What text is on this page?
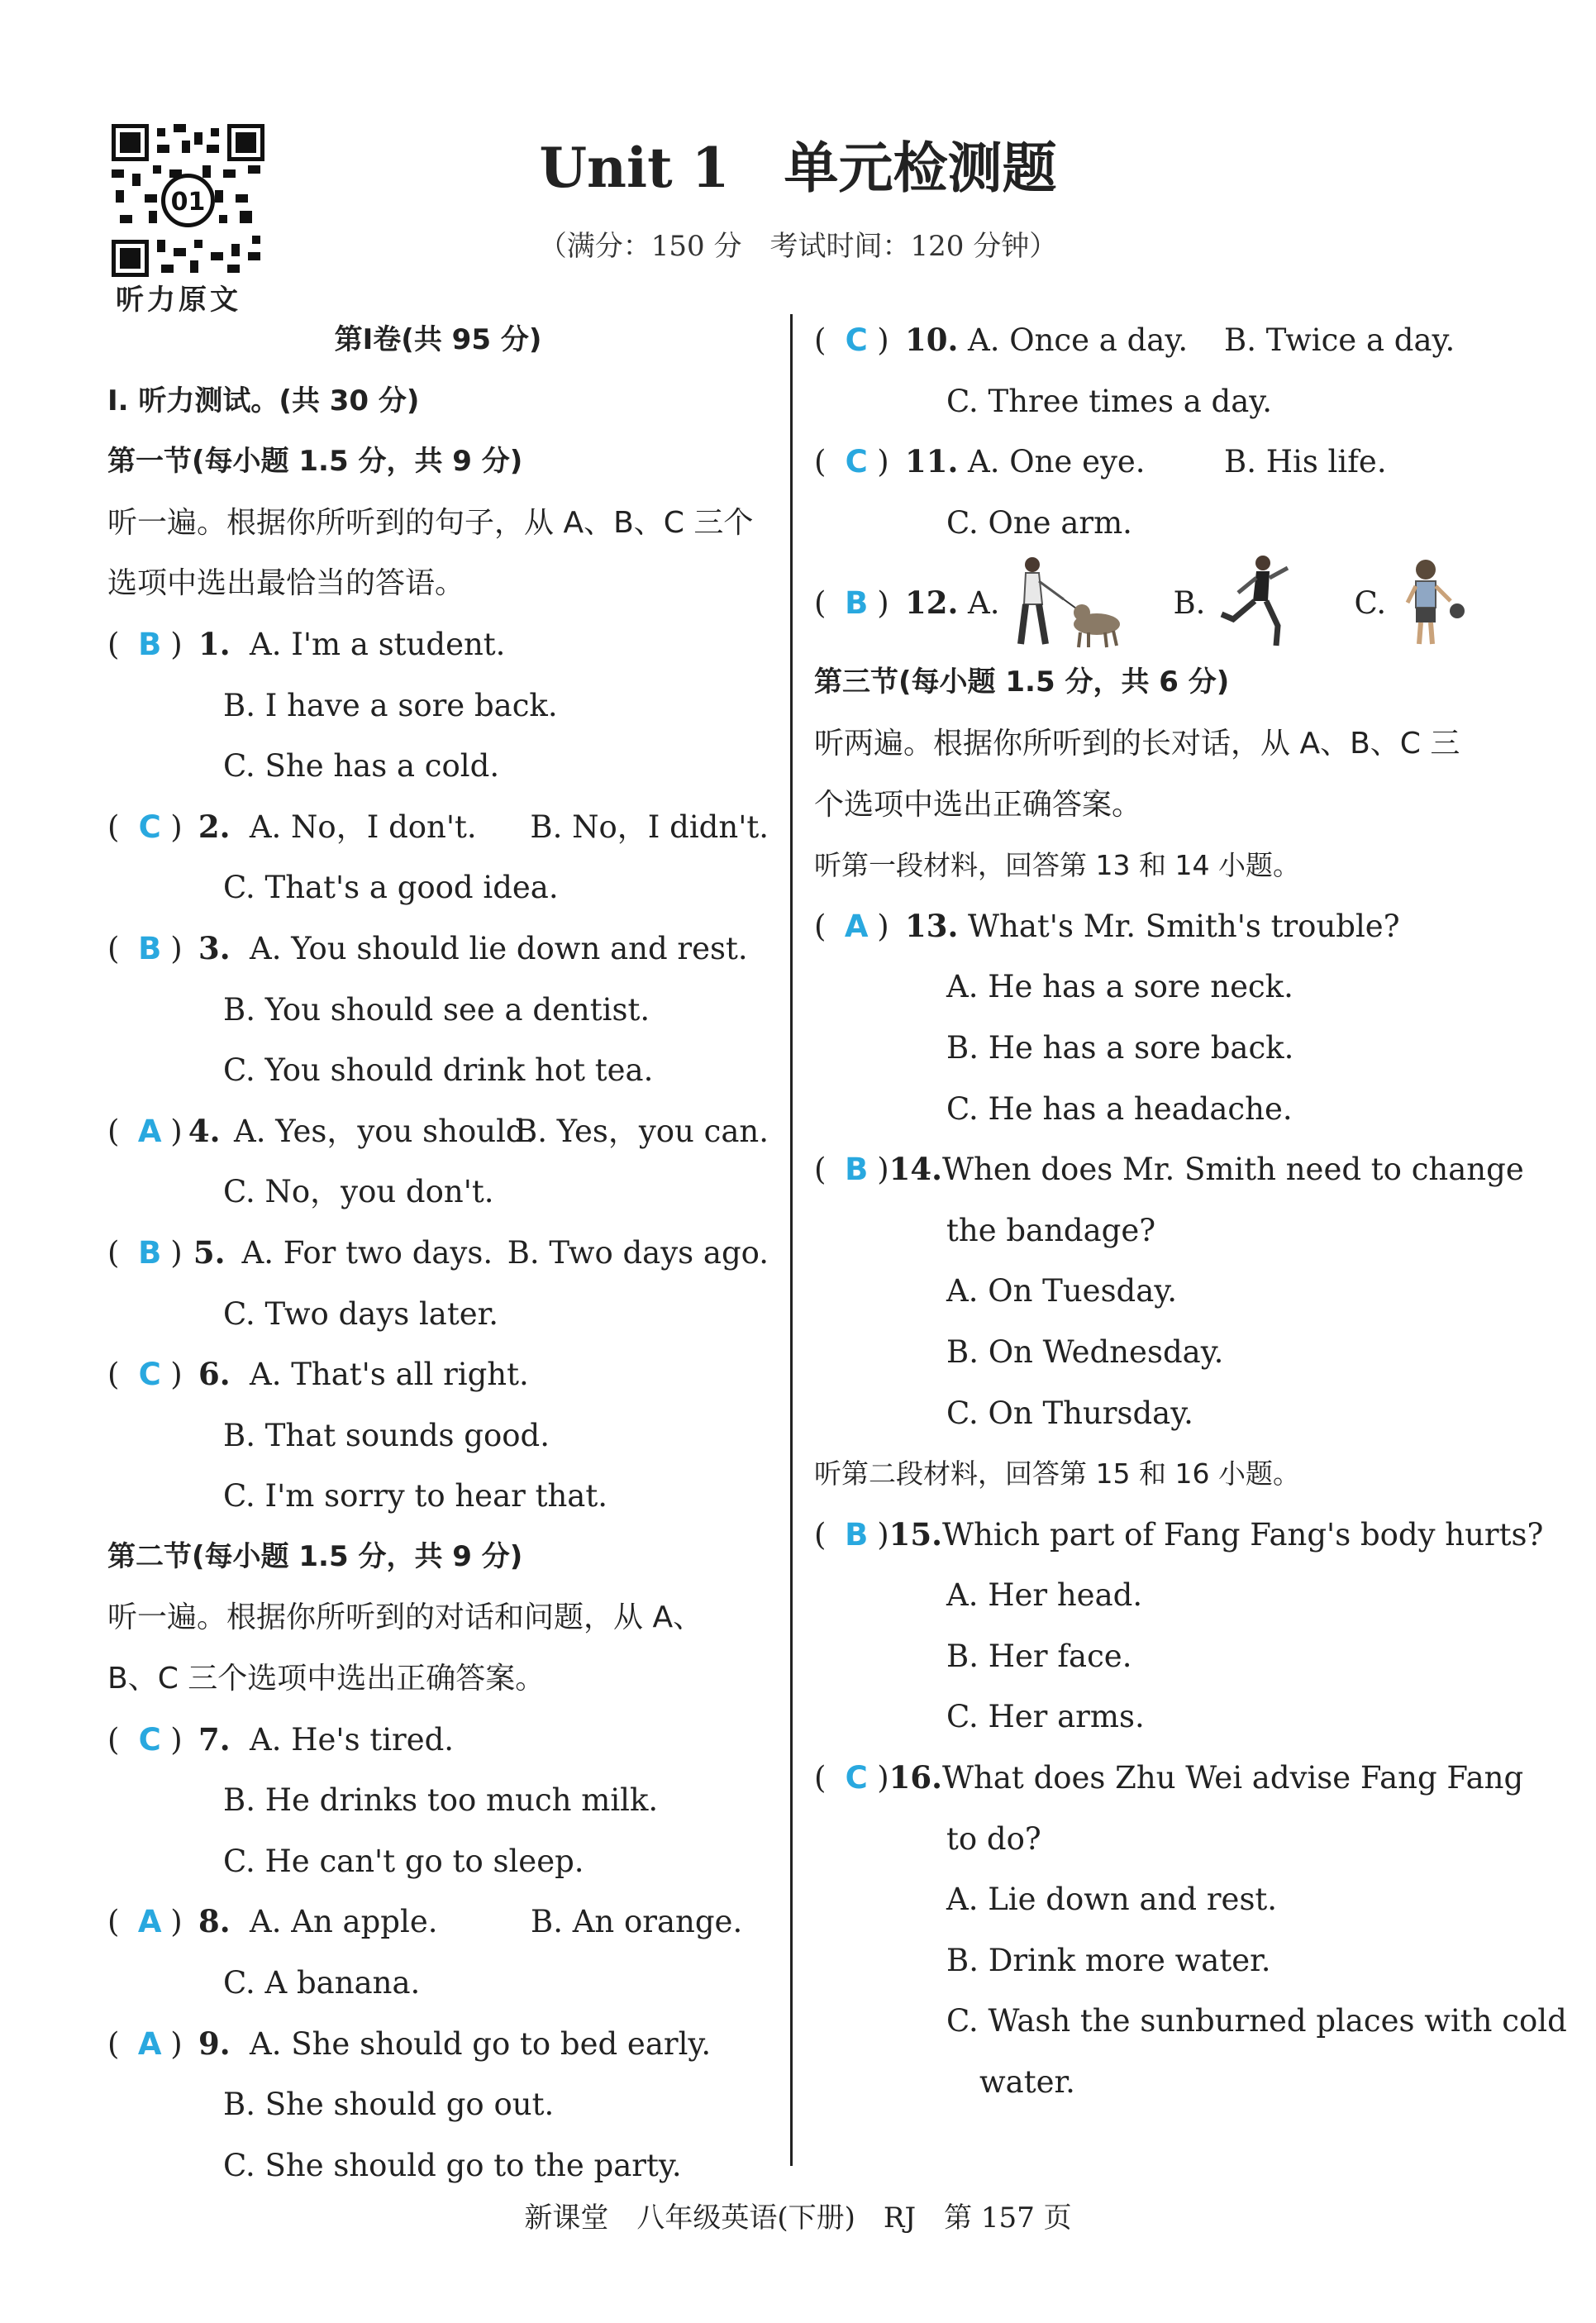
01
听力原文
Unit 1　单元检测题
（满分：150 分　考试时间：120 分钟）
第Ⅰ卷(共 95 分)
Ⅰ. 听力测试。(共 30 分)
第一节(每小题 1.5 分，共 9 分)
听一遍。根据你所听到的句子，从 A、B、C 三个
选项中选出最恰当的答语。
( B ) 1. A. I'm a student.
B. I have a sore back.
C. She has a cold.
( C ) 2. A. No，I don't.	B. No，I didn't.
C. That's a good idea.
( B ) 3. A. You should lie down and rest.
B. You should see a dentist.
C. You should drink hot tea.
( A ) 4. A. Yes，you should.
B. Yes，you can.
C. No，you don't.
( B ) 5. A. For two days. B. Two days ago.
C. Two days later.
( C ) 6. A. That's all right.
B. That sounds good.
C. I'm sorry to hear that.
第二节(每小题 1.5 分，共 9 分)
听一遍。根据你所听到的对话和问题，从 A、
B、C 三个选项中选出正确答案。
( C ) 7. A. He's tired.
B. He drinks too much milk.
C. He can't go to sleep.
( A ) 8. A. An apple.	B. An orange.
C. A banana.
( A ) 9. A. She should go to bed early.
B. She should go out.
C. She should go to the party.
( C ) 10. A. Once a day.	B. Twice a day.
C. Three times a day.
( C ) 11. A. One eye.	B. His life.
C. One arm.
( B ) 12. A.	B.	C.
第三节(每小题 1.5 分，共 6 分)
听两遍。根据你所听到的长对话，从 A、B、C 三
个选项中选出正确答案。
听第一段材料，回答第 13 和 14 小题。
( A ) 13. What's Mr. Smith's trouble?
A. He has a sore neck.
B. He has a sore back.
C. He has a headache.
( B ) 14. When does Mr. Smith need to change
the bandage?
A. On Tuesday.
B. On Wednesday.
C. On Thursday.
听第二段材料，回答第 15 和 16 小题。
( B ) 15. Which part of Fang Fang's body hurts?
A. Her head.
B. Her face.
C. Her arms.
( C ) 16. What does Zhu Wei advise Fang Fang
to do?
A. Lie down and rest.
B. Drink more water.
C. Wash the sunburned places with cold
water.
新课堂　八年级英语(下册)　RJ　第 157 页
